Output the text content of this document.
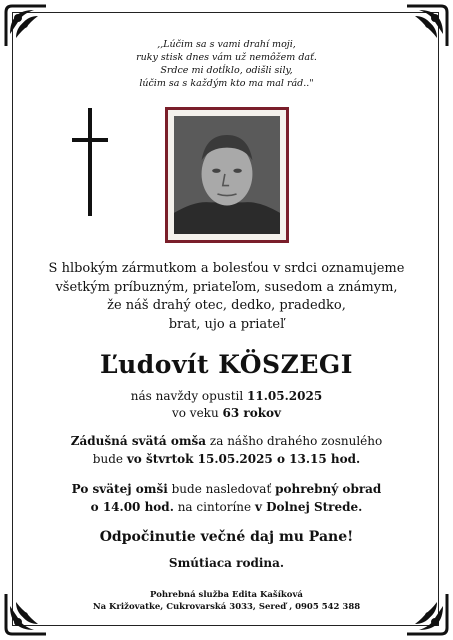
,,Lúčim sa s vami drahí moji,
ruky stisk dnes vám už nemôžem dať.
Srdce mi dotĺklo, odišli sily,
lúčim sa s každým kto ma mal rád.."
S hlbokým zármutkom a bolesťou v srdci oznamujeme
všetkým príbuzným, priateľom, susedom a známym,
že náš drahý otec, dedko, pradedko,
brat, ujo a priateľ
Ľudovít KÖSZEGI
nás navždy opustil 11.05.2025
vo veku 63 rokov
Zádušná svätá omša za nášho drahého zosnulého
bude vo štvrtok 15.05.2025 o 13.15 hod.
Po svätej omši bude nasledovať pohrebný obrad
o 14.00 hod. na cintoríne v Dolnej Strede.
Odpočinutie večné daj mu Pane!
Smútiaca rodina.
Pohrebná služba Edita Kašíková
Na Križovatke, Cukrovarská 3033, Sereď , 0905 542 388
